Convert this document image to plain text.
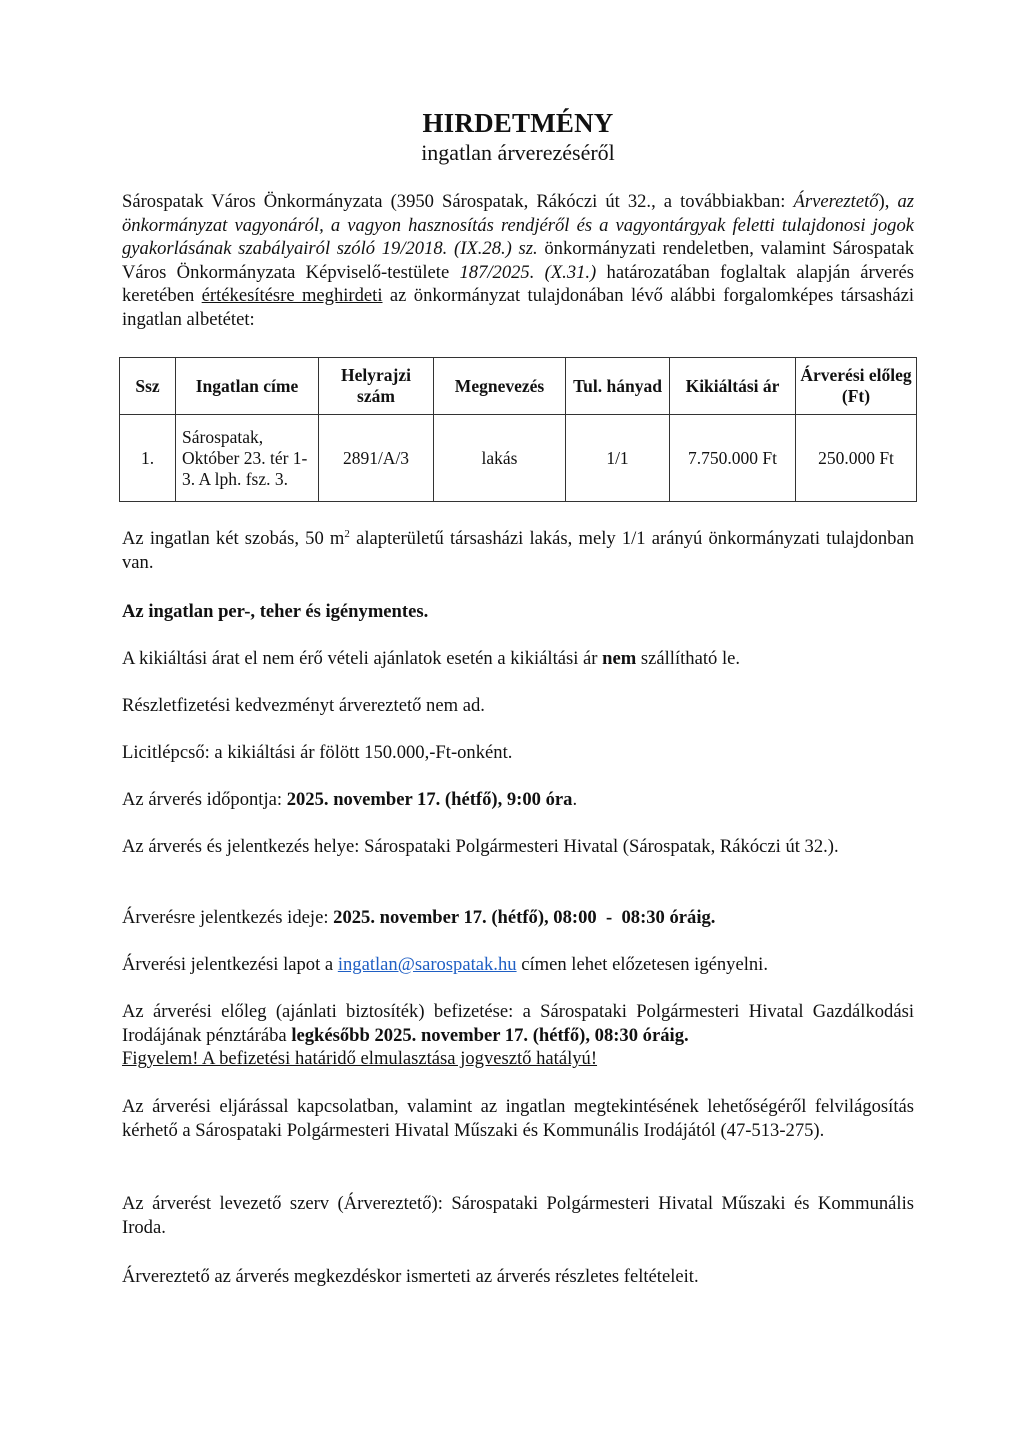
HIRDETMÉNY
ingatlan árverezéséről

Sárospatak Város Önkormányzata (3950 Sárospatak, Rákóczi út 32., a továbbiakban: Árvereztető), az önkormányzat vagyonáról, a vagyon hasznosítás rendjéről és a vagyontárgyak feletti tulajdonosi jogok gyakorlásának szabályairól szóló 19/2018. (IX.28.) sz. önkormányzati rendeletben, valamint Sárospatak Város Önkormányzata Képviselő-testülete 187/2025. (X.31.) határozatában foglaltak alapján árverés keretében értékesítésre meghirdeti az önkormányzat tulajdonában lévő alábbi forgalomképes társasházi ingatlan albetétet:

Ssz	Ingatlan címe	Helyrajzi szám	Megnevezés	Tul. hányad	Kikiáltási ár	Árverési előleg (Ft)
1.	Sárospatak, Október 23. tér 1-3. A lph. fsz. 3.	2891/A/3	lakás	1/1	7.750.000 Ft	250.000 Ft

Az ingatlan két szobás, 50 $m^2$ alapterületű társasházi lakás, mely 1/1 arányú önkormányzati tulajdonban van.

Az ingatlan per-, teher és igénymentes.

A kikiáltási árat el nem érő vételi ajánlatok esetén a kikiáltási ár nem szállítható le.

Részletfizetési kedvezményt árvereztető nem ad.

Licitlépcső: a kikiáltási ár fölött 150.000,-Ft-onként.

Az árverés időpontja: 2025. november 17. (hétfő), 9:00 óra.

Az árverés és jelentkezés helye: Sárospataki Polgármesteri Hivatal (Sárospatak, Rákóczi út 32.).

Árverésre jelentkezés ideje: 2025. november 17. (hétfő), 08:00  -  08:30 óráig.

Árverési jelentkezési lapot a ingatlan@sarospatak.hu címen lehet előzetesen igényelni.

Az árverési előleg (ajánlati biztosíték) befizetése: a Sárospataki Polgármesteri Hivatal Gazdálkodási Irodájának pénztárába legkésőbb 2025. november 17. (hétfő), 08:30 óráig.
Figyelem! A befizetési határidő elmulasztása jogvesztő hatályú!

Az árverési eljárással kapcsolatban, valamint az ingatlan megtekintésének lehetőségéről felvilágosítás kérhető a Sárospataki Polgármesteri Hivatal Műszaki és Kommunális Irodájától (47-513-275).

Az árverést levezető szerv (Árvereztető): Sárospataki Polgármesteri Hivatal Műszaki és Kommunális Iroda.

Árvereztető az árverés megkezdéskor ismerteti az árverés részletes feltételeit.
